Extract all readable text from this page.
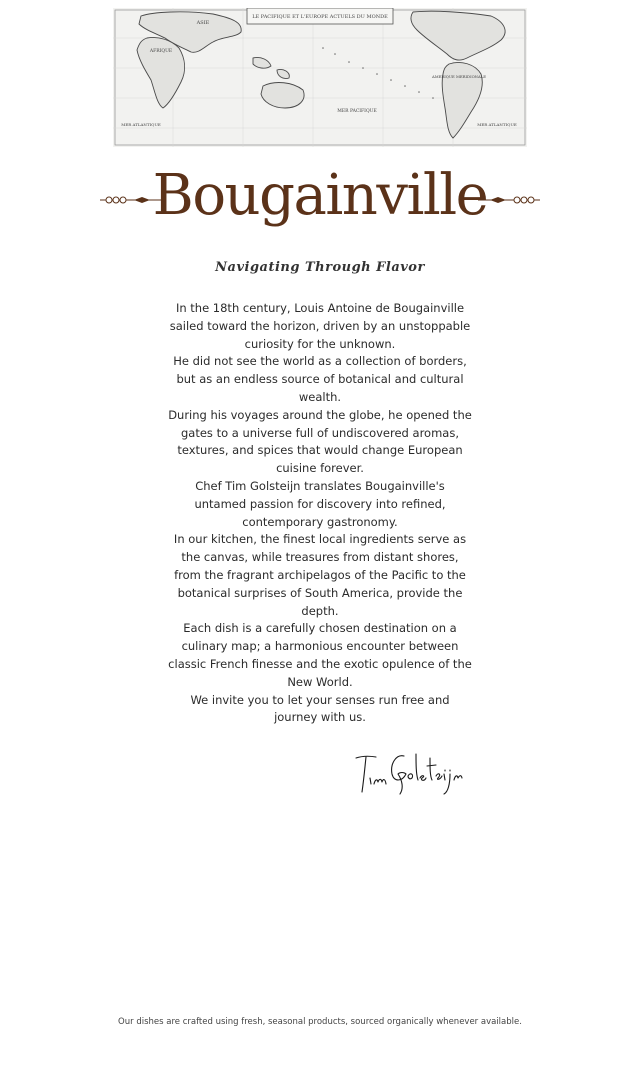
LE PACIFIQUE ET L'EUROPE ACTUELS DU MONDE
ASIE
AFRIQUE
AMERIQUE MERIDIONALE
MER PACIFIQUE
MER ATLANTIQUE	MER ATLANTIQUE
Bougainville
Navigating Through Flavor

In the 18th century, Louis Antoine de Bougainville sailed toward the horizon, driven by an unstoppable curiosity for the unknown.

He did not see the world as a collection of borders, but as an endless source of botanical and cultural wealth.

During his voyages around the globe, he opened the gates to a universe full of undiscovered aromas, textures, and spices that would change European cuisine forever.

Chef Tim Golsteijn translates Bougainville's untamed passion for discovery into refined, contemporary gastronomy.

In our kitchen, the finest local ingredients serve as the canvas, while treasures from distant shores, from the fragrant archipelagos of the Pacific to the botanical surprises of South America, provide the depth.

Each dish is a carefully chosen destination on a culinary map; a harmonious encounter between classic French finesse and the exotic opulence of the New World.

We invite you to let your senses run free and journey with us.

Our dishes are crafted using fresh, seasonal products, sourced organically whenever available.
